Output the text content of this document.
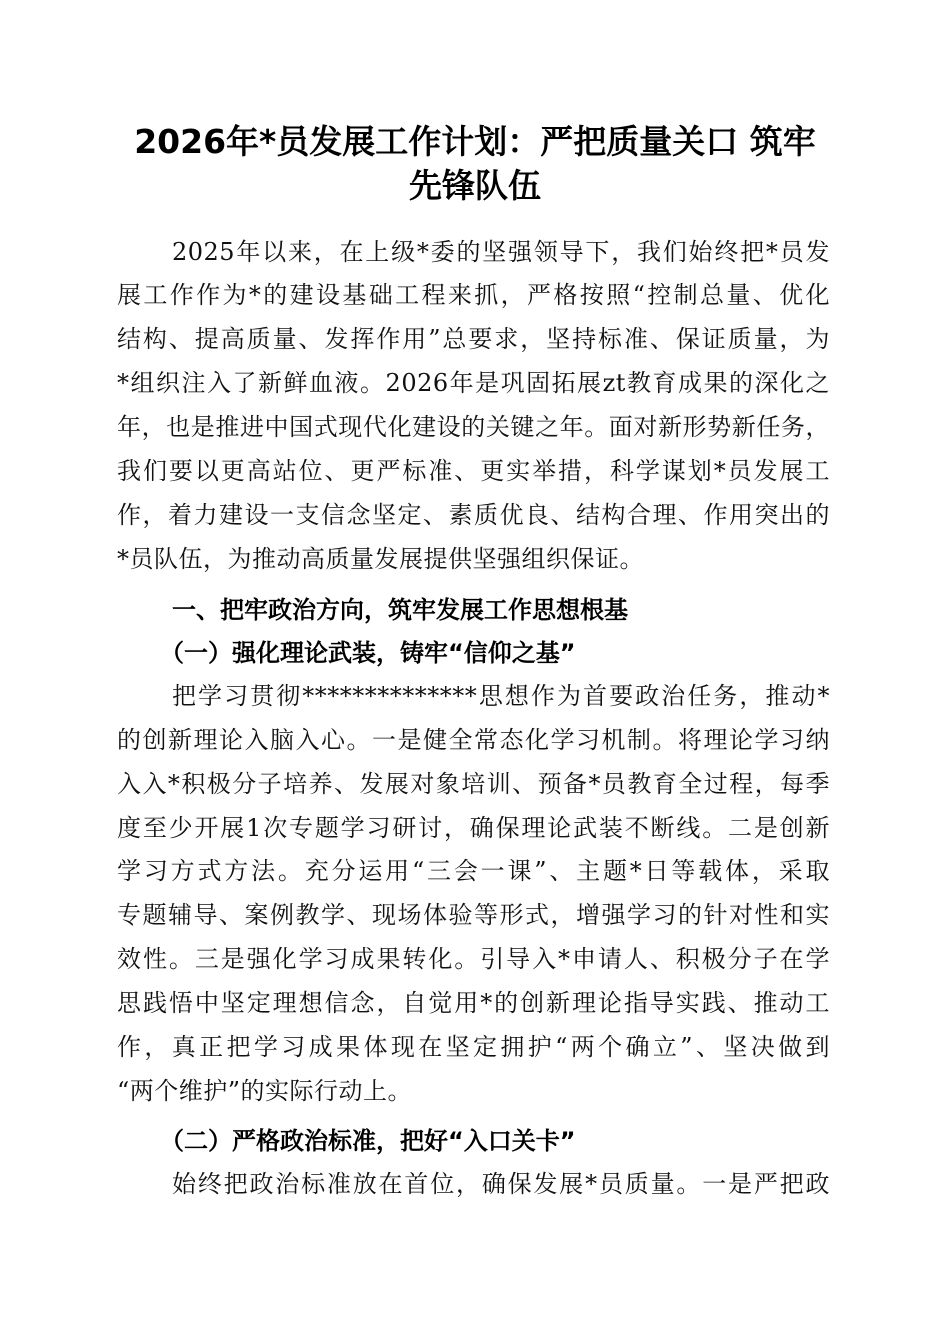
2026年*员发展工作计划：严把质量关口 筑牢
先锋队伍
2025年以来，在上级*委的坚强领导下，我们始终把*员发
展工作作为*的建设基础工程来抓，严格按照“控制总量、优化
结构、提高质量、发挥作用”总要求，坚持标准、保证质量，为
*组织注入了新鲜血液。2026年是巩固拓展zt教育成果的深化之
年，也是推进中国式现代化建设的关键之年。面对新形势新任务，
我们要以更高站位、更严标准、更实举措，科学谋划*员发展工
作，着力建设一支信念坚定、素质优良、结构合理、作用突出的
*员队伍，为推动高质量发展提供坚强组织保证。
一、把牢政治方向，筑牢发展工作思想根基
（一）强化理论武装，铸牢“信仰之基”
把学习贯彻**************思想作为首要政治任务，推动*
的创新理论入脑入心。一是健全常态化学习机制。将理论学习纳
入入*积极分子培养、发展对象培训、预备*员教育全过程，每季
度至少开展1次专题学习研讨，确保理论武装不断线。二是创新
学习方式方法。充分运用“三会一课”、主题*日等载体，采取
专题辅导、案例教学、现场体验等形式，增强学习的针对性和实
效性。三是强化学习成果转化。引导入*申请人、积极分子在学
思践悟中坚定理想信念，自觉用*的创新理论指导实践、推动工
作，真正把学习成果体现在坚定拥护“两个确立”、坚决做到
“两个维护”的实际行动上。
（二）严格政治标准，把好“入口关卡”
始终把政治标准放在首位，确保发展*员质量。一是严把政
